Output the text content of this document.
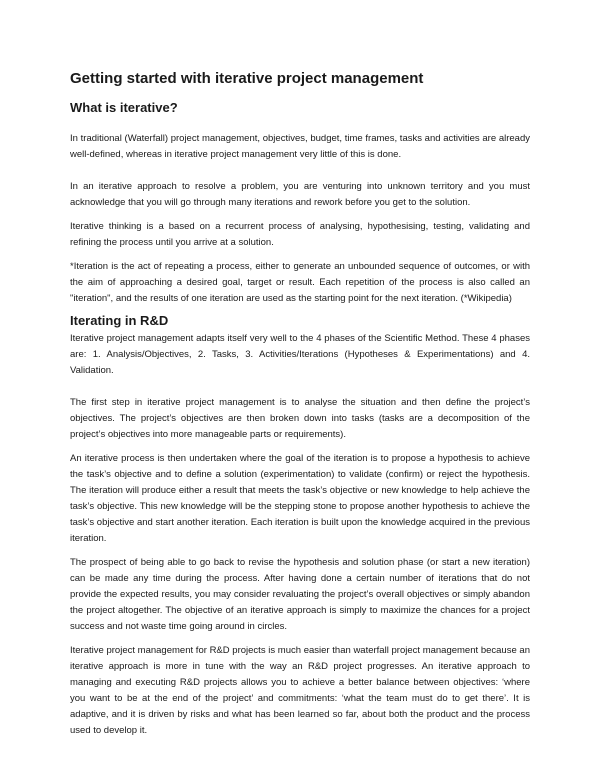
Getting started with iterative project management
What is iterative?

In traditional (Waterfall) project management, objectives, budget, time frames, tasks and activities are already well-defined, whereas in iterative project management very little of this is done.

In an iterative approach to resolve a problem, you are venturing into unknown territory and you must acknowledge that you will go through many iterations and rework before you get to the solution.

Iterative thinking is a based on a recurrent process of analysing, hypothesising, testing, validating and refining the process until you arrive at a solution.

*Iteration is the act of repeating a process, either to generate an unbounded sequence of outcomes, or with the aim of approaching a desired goal, target or result. Each repetition of the process is also called an "iteration", and the results of one iteration are used as the starting point for the next iteration. (*Wikipedia)

Iterating in R&D

Iterative project management adapts itself very well to the 4 phases of the Scientific Method. These 4 phases are: 1. Analysis/Objectives, 2. Tasks, 3. Activities/Iterations (Hypotheses & Experimentations) and 4. Validation.

The first step in iterative project management is to analyse the situation and then define the project’s objectives. The project’s objectives are then broken down into tasks (tasks are a decomposition of the project’s objectives into more manageable parts or requirements).

An iterative process is then undertaken where the goal of the iteration is to propose a hypothesis to achieve the task’s objective and to define a solution (experimentation) to validate (confirm) or reject the hypothesis. The iteration will produce either a result that meets the task’s objective or new knowledge to help achieve the task’s objective. This new knowledge will be the stepping stone to propose another hypothesis to achieve the task’s objective and start another iteration. Each iteration is built upon the knowledge acquired in the previous iteration.

The prospect of being able to go back to revise the hypothesis and solution phase (or start a new iteration) can be made any time during the process. After having done a certain number of iterations that do not provide the expected results, you may consider revaluating the project’s overall objectives or simply abandon the project altogether. The objective of an iterative approach is simply to maximize the chances for a project success and not waste time going around in circles.

Iterative project management for R&D projects is much easier than waterfall project management because an iterative approach is more in tune with the way an R&D project progresses. An iterative approach to managing and executing R&D projects allows you to achieve a better balance between objectives: ‘where you want to be at the end of the project’ and commitments: ‘what the team must do to get there’. It is adaptive, and it is driven by risks and what has been learned so far, about both the product and the process used to develop it.
